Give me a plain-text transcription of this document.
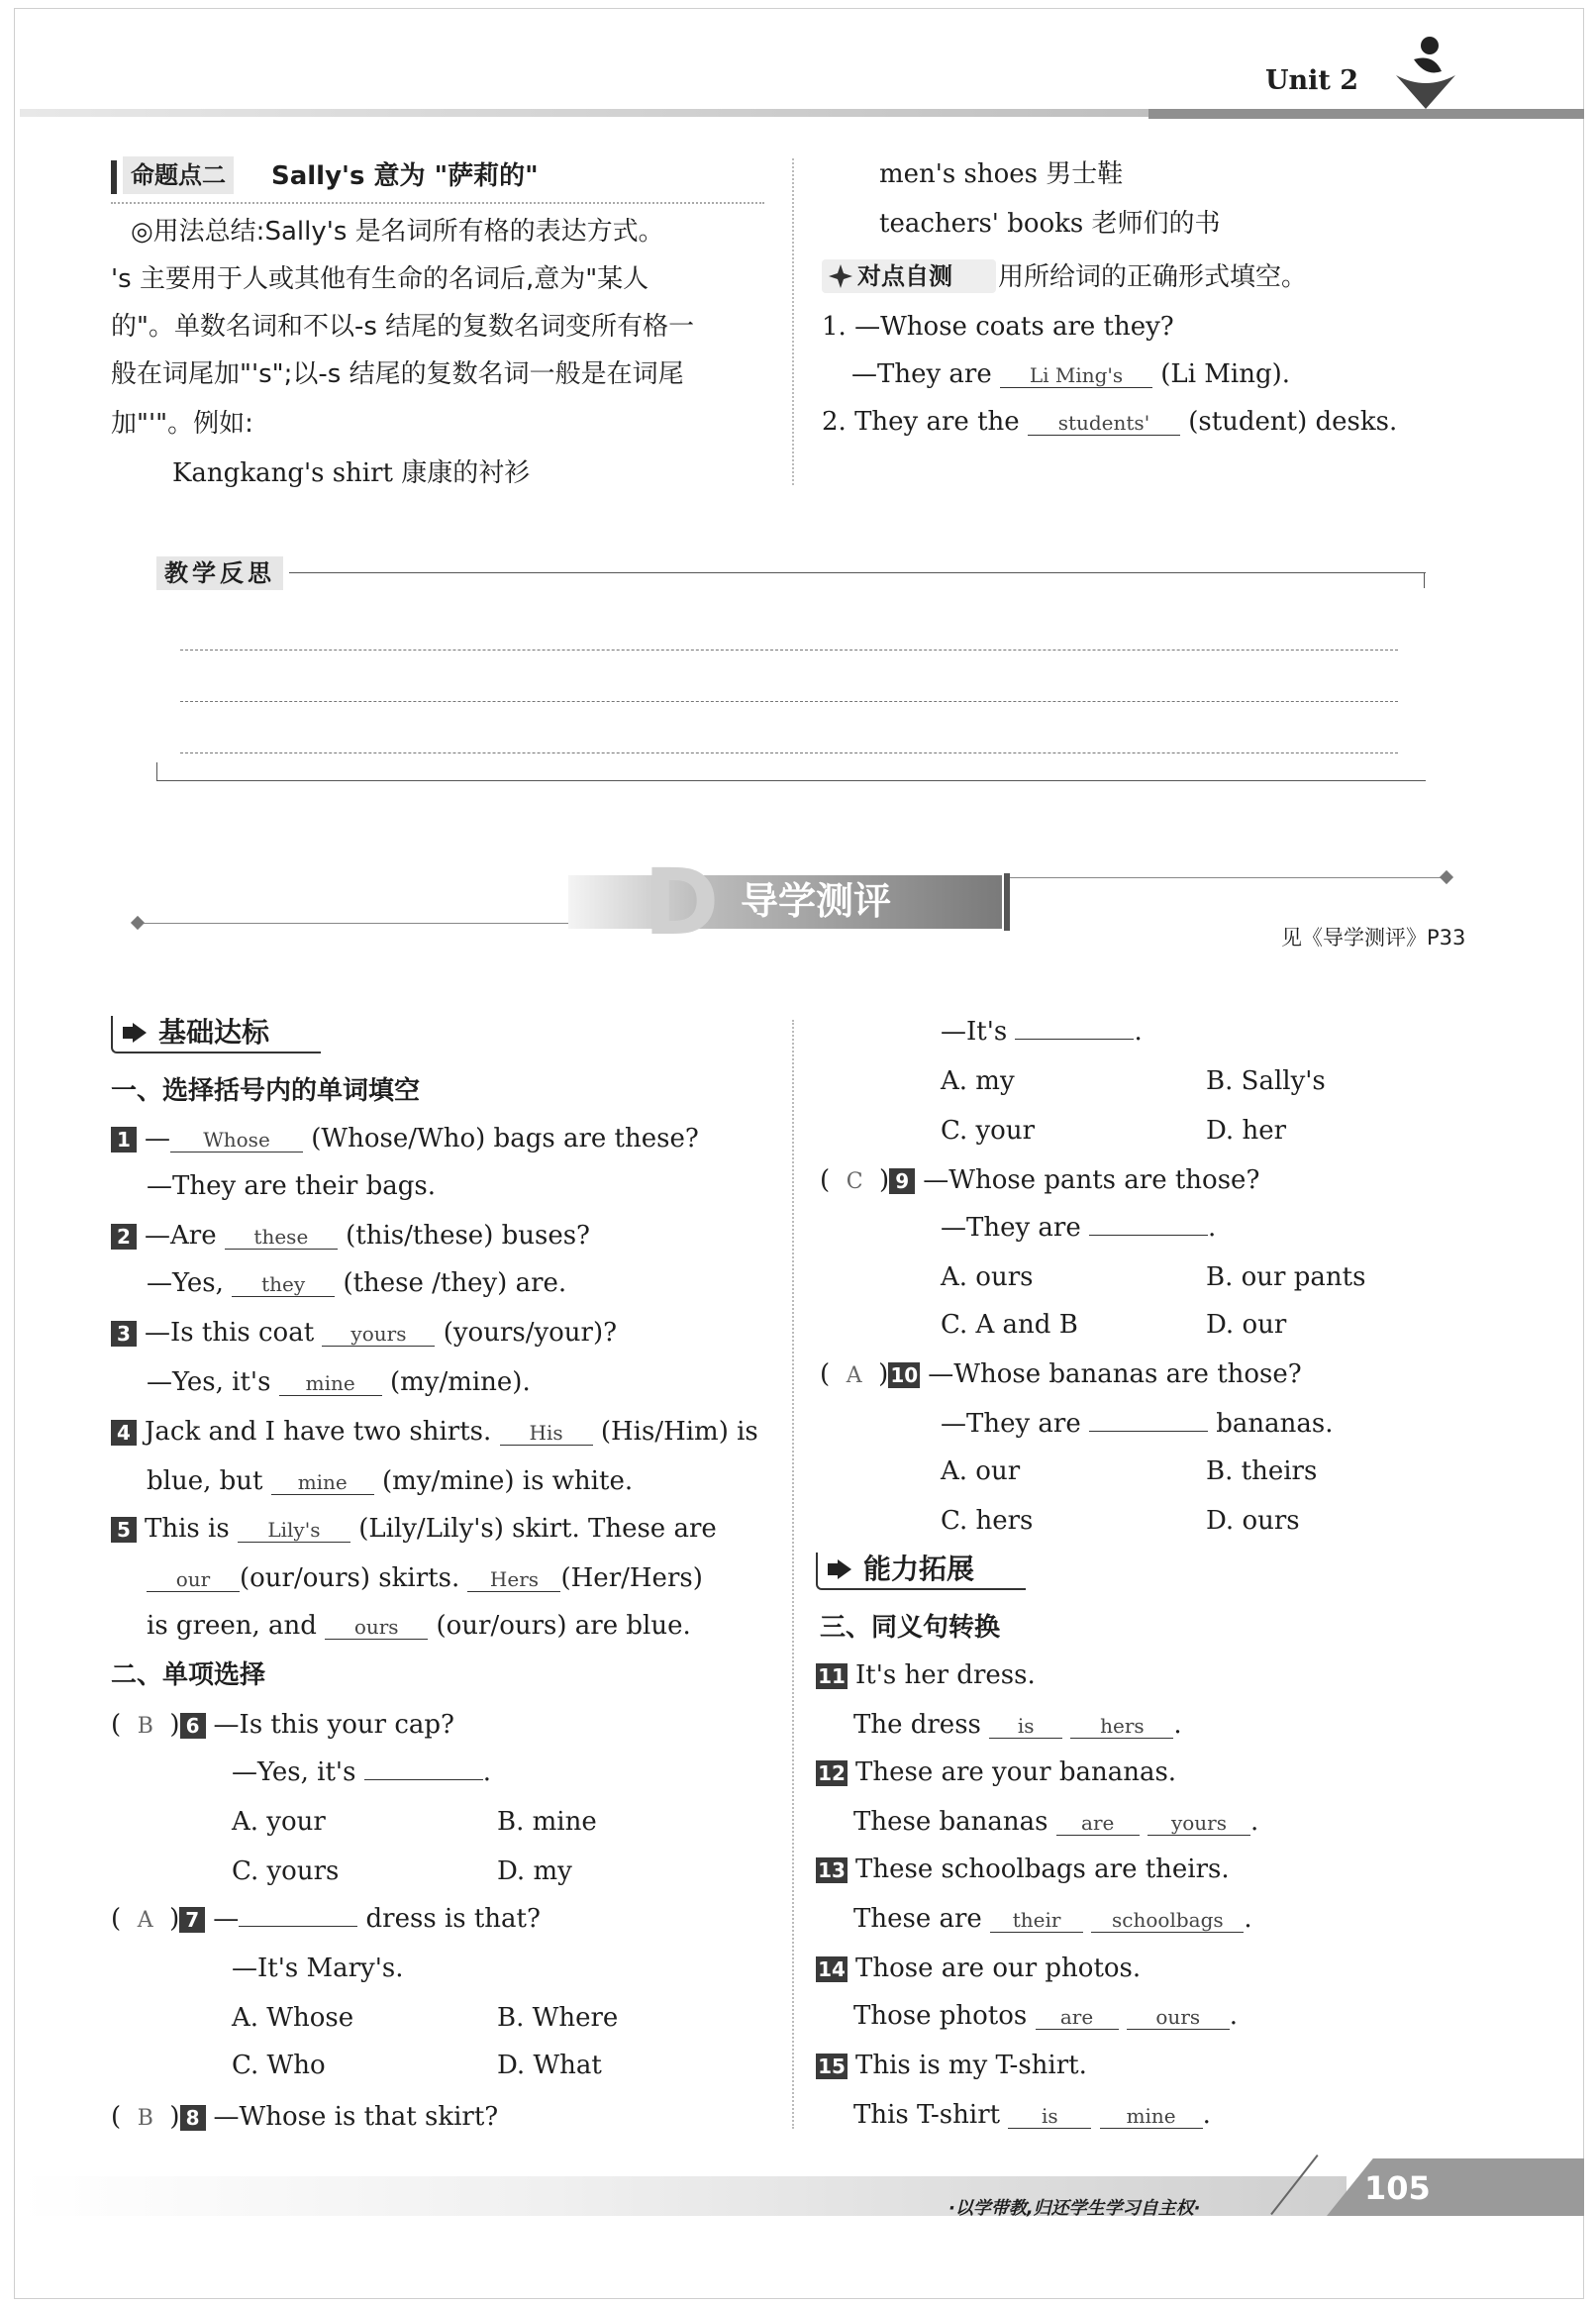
Unit 2
命题点二	Sally's 意为 "萨莉的"
◎用法总结:Sally's 是名词所有格的表达方式。
's 主要用于人或其他有生命的名词后,意为"某人
的"。单数名词和不以-s 结尾的复数名词变所有格一
般在词尾加"'s";以-s 结尾的复数名词一般是在词尾
加"'"。例如:
Kangkang's shirt 康康的衬衫
men's shoes 男士鞋
teachers' books 老师们的书
对点自测 用所给词的正确形式填空。
1. —Whose coats are they?
—They are Li Ming's (Li Ming).
2. They are the students' (student) desks.
教学反思
D 导学测评
见《导学测评》P33
基础达标
一、选择括号内的单词填空
1 — Whose (Whose/Who) bags are these?
—They are their bags.
2 —Are these (this/these) buses?
—Yes, they (these /they) are.
3 —Is this coat yours (yours/your)?
—Yes, it's mine (my/mine).
4 Jack and I have two shirts. His (His/Him) is
blue, but mine (my/mine) is white.
5 This is Lily's (Lily/Lily's) skirt. These are
our (our/ours) skirts. Hers (Her/Hers)
is green, and ours (our/ours) are blue.
二、单项选择
(  B  ) 6 —Is this your cap?
—Yes, it's	.
A. your	B. mine
C. yours	D. my
(  A  ) 7 —	dress is that?
—It's Mary's.
A. Whose	B. Where
C. Who	D. What
(  B  ) 8 —Whose is that skirt?
—It's	.
A. my	B. Sally's
C. your	D. her
(  C  ) 9 —Whose pants are those?
—They are	.
A. ours	B. our pants
C. A and B	D. our
(  A  ) 10 —Whose bananas are those?
—They are	bananas.
A. our	B. theirs
C. hers	D. ours
能力拓展
三、同义句转换
11 It's her dress.
The dress is	hers .
12 These are your bananas.
These bananas are	yours .
13 These schoolbags are theirs.
These are their	schoolbags .
14 Those are our photos.
Those photos are	ours .
15 This is my T-shirt.
This T-shirt is	mine .
·以学带教,归还学生学习自主权·
105
